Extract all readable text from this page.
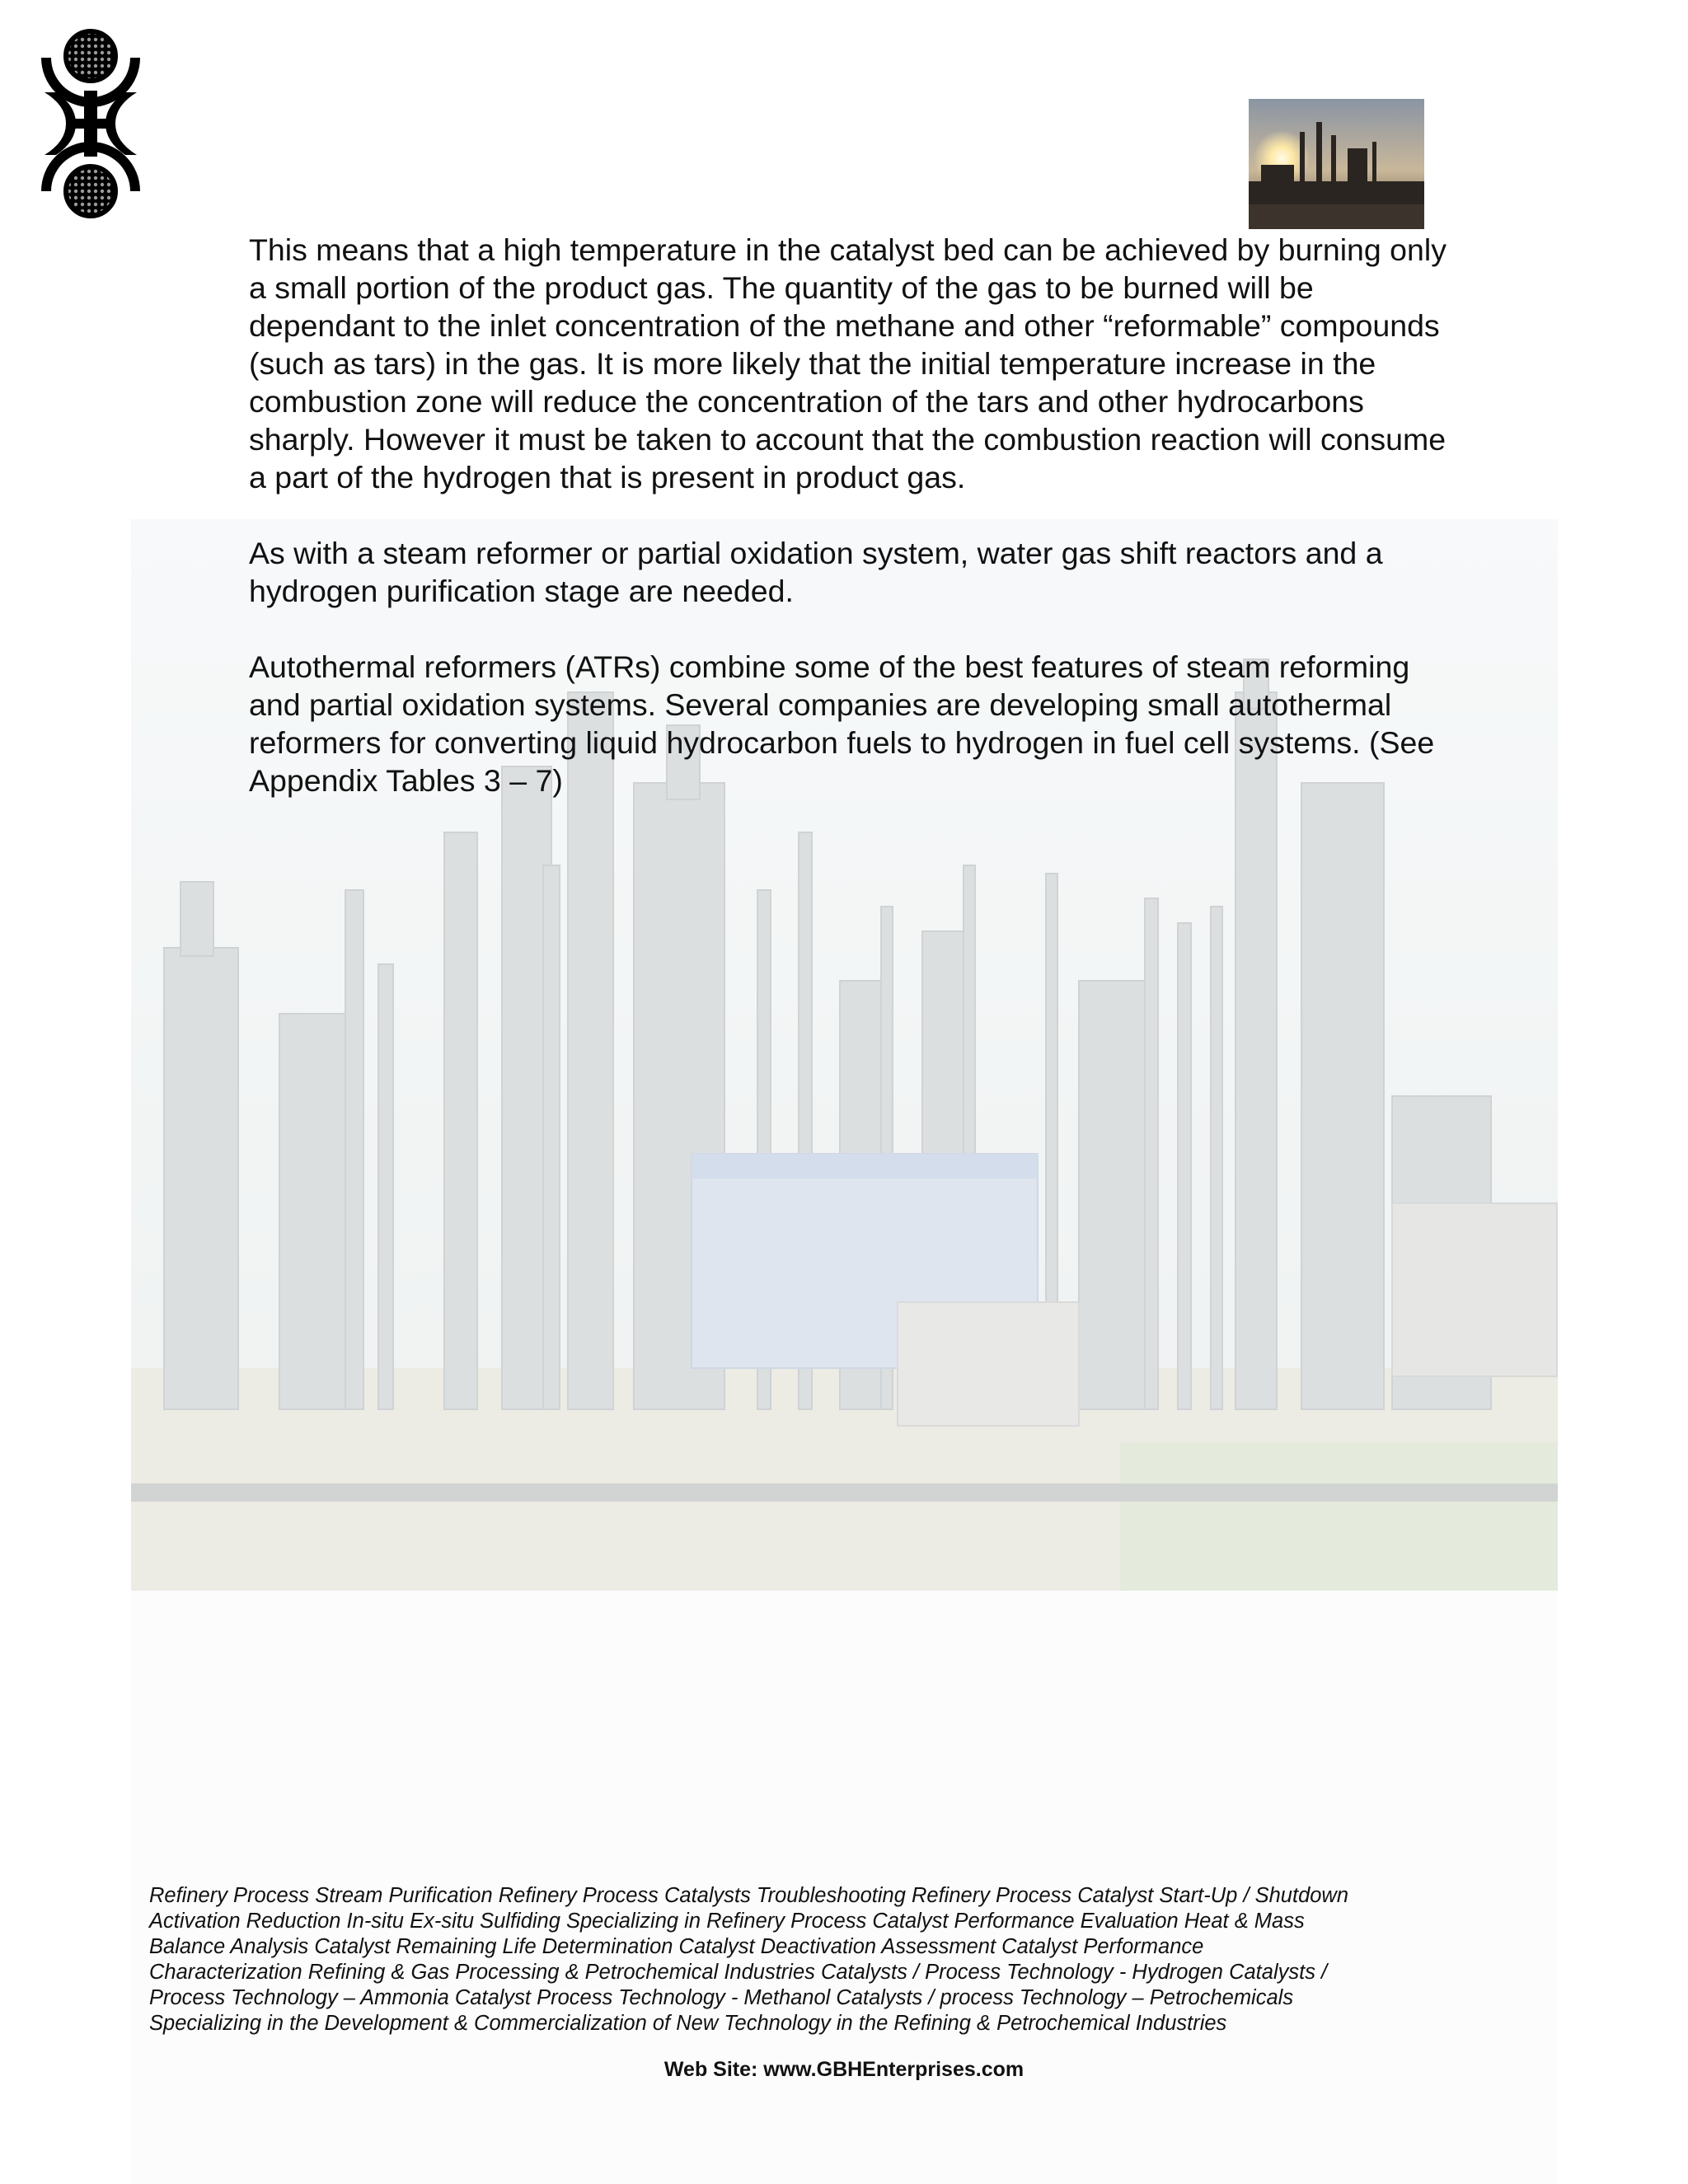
This means that a high temperature in the catalyst bed can be achieved by burning only a small portion of the product gas. The quantity of the gas to be burned will be dependant to the inlet concentration of the methane and other “reformable” compounds (such as tars) in the gas. It is more likely that the initial temperature increase in the combustion zone will reduce the concentration of the tars and other hydrocarbons sharply. However it must be taken to account that the combustion reaction will consume a part of the hydrogen that is present in product gas.

As with a steam reformer or partial oxidation system, water gas shift reactors and a hydrogen purification stage are needed.

Autothermal reformers (ATRs) combine some of the best features of steam reforming and partial oxidation systems. Several companies are developing small autothermal reformers for converting liquid hydrocarbon fuels to hydrogen in fuel cell systems. (See Appendix Tables 3 – 7)

Refinery Process Stream Purification Refinery Process Catalysts Troubleshooting Refinery Process Catalyst Start-Up / Shutdown
Activation Reduction In-situ Ex-situ Sulfiding Specializing in Refinery Process Catalyst Performance Evaluation Heat & Mass
Balance Analysis Catalyst Remaining Life Determination Catalyst Deactivation Assessment Catalyst Performance
Characterization Refining & Gas Processing & Petrochemical Industries Catalysts / Process Technology - Hydrogen Catalysts /
Process Technology – Ammonia Catalyst Process Technology - Methanol Catalysts / process Technology – Petrochemicals
Specializing in the Development & Commercialization of New Technology in the Refining & Petrochemical Industries
Web Site: www.GBHEnterprises.com
